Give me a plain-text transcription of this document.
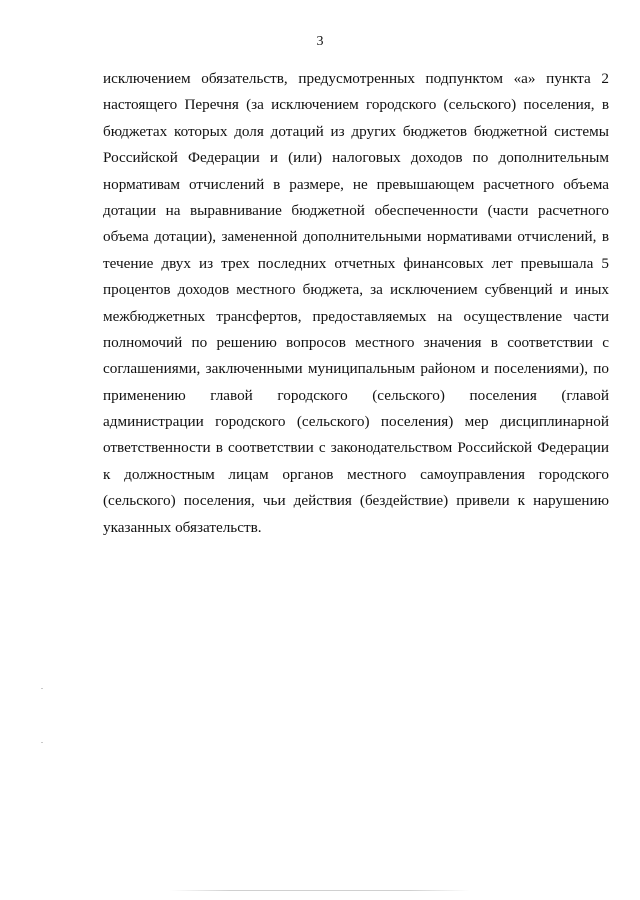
3
исключением обязательств, предусмотренных подпунктом «а» пункта 2
настоящего Перечня (за исключением городского (сельского) поселения, в
бюджетах которых доля дотаций из других бюджетов бюджетной системы
Российской Федерации и (или) налоговых доходов по дополнительным
нормативам отчислений в размере, не превышающем расчетного объема
дотации на выравнивание бюджетной обеспеченности (части расчетного
объема дотации), замененной дополнительными нормативами отчислений, в
течение двух из трех последних отчетных финансовых лет превышала 5
процентов доходов местного бюджета, за исключением субвенций и иных
межбюджетных трансфертов, предоставляемых на осуществление части
полномочий по решению вопросов местного значения в соответствии с
соглашениями, заключенными муниципальным районом и поселениями), по
применению главой городского (сельского) поселения (главой
администрации городского (сельского) поселения) мер дисциплинарной
ответственности в соответствии с законодательством Российской Федерации
к должностным лицам органов местного самоуправления городского
(сельского) поселения, чьи действия (бездействие) привели к нарушению
указанных обязательств.
